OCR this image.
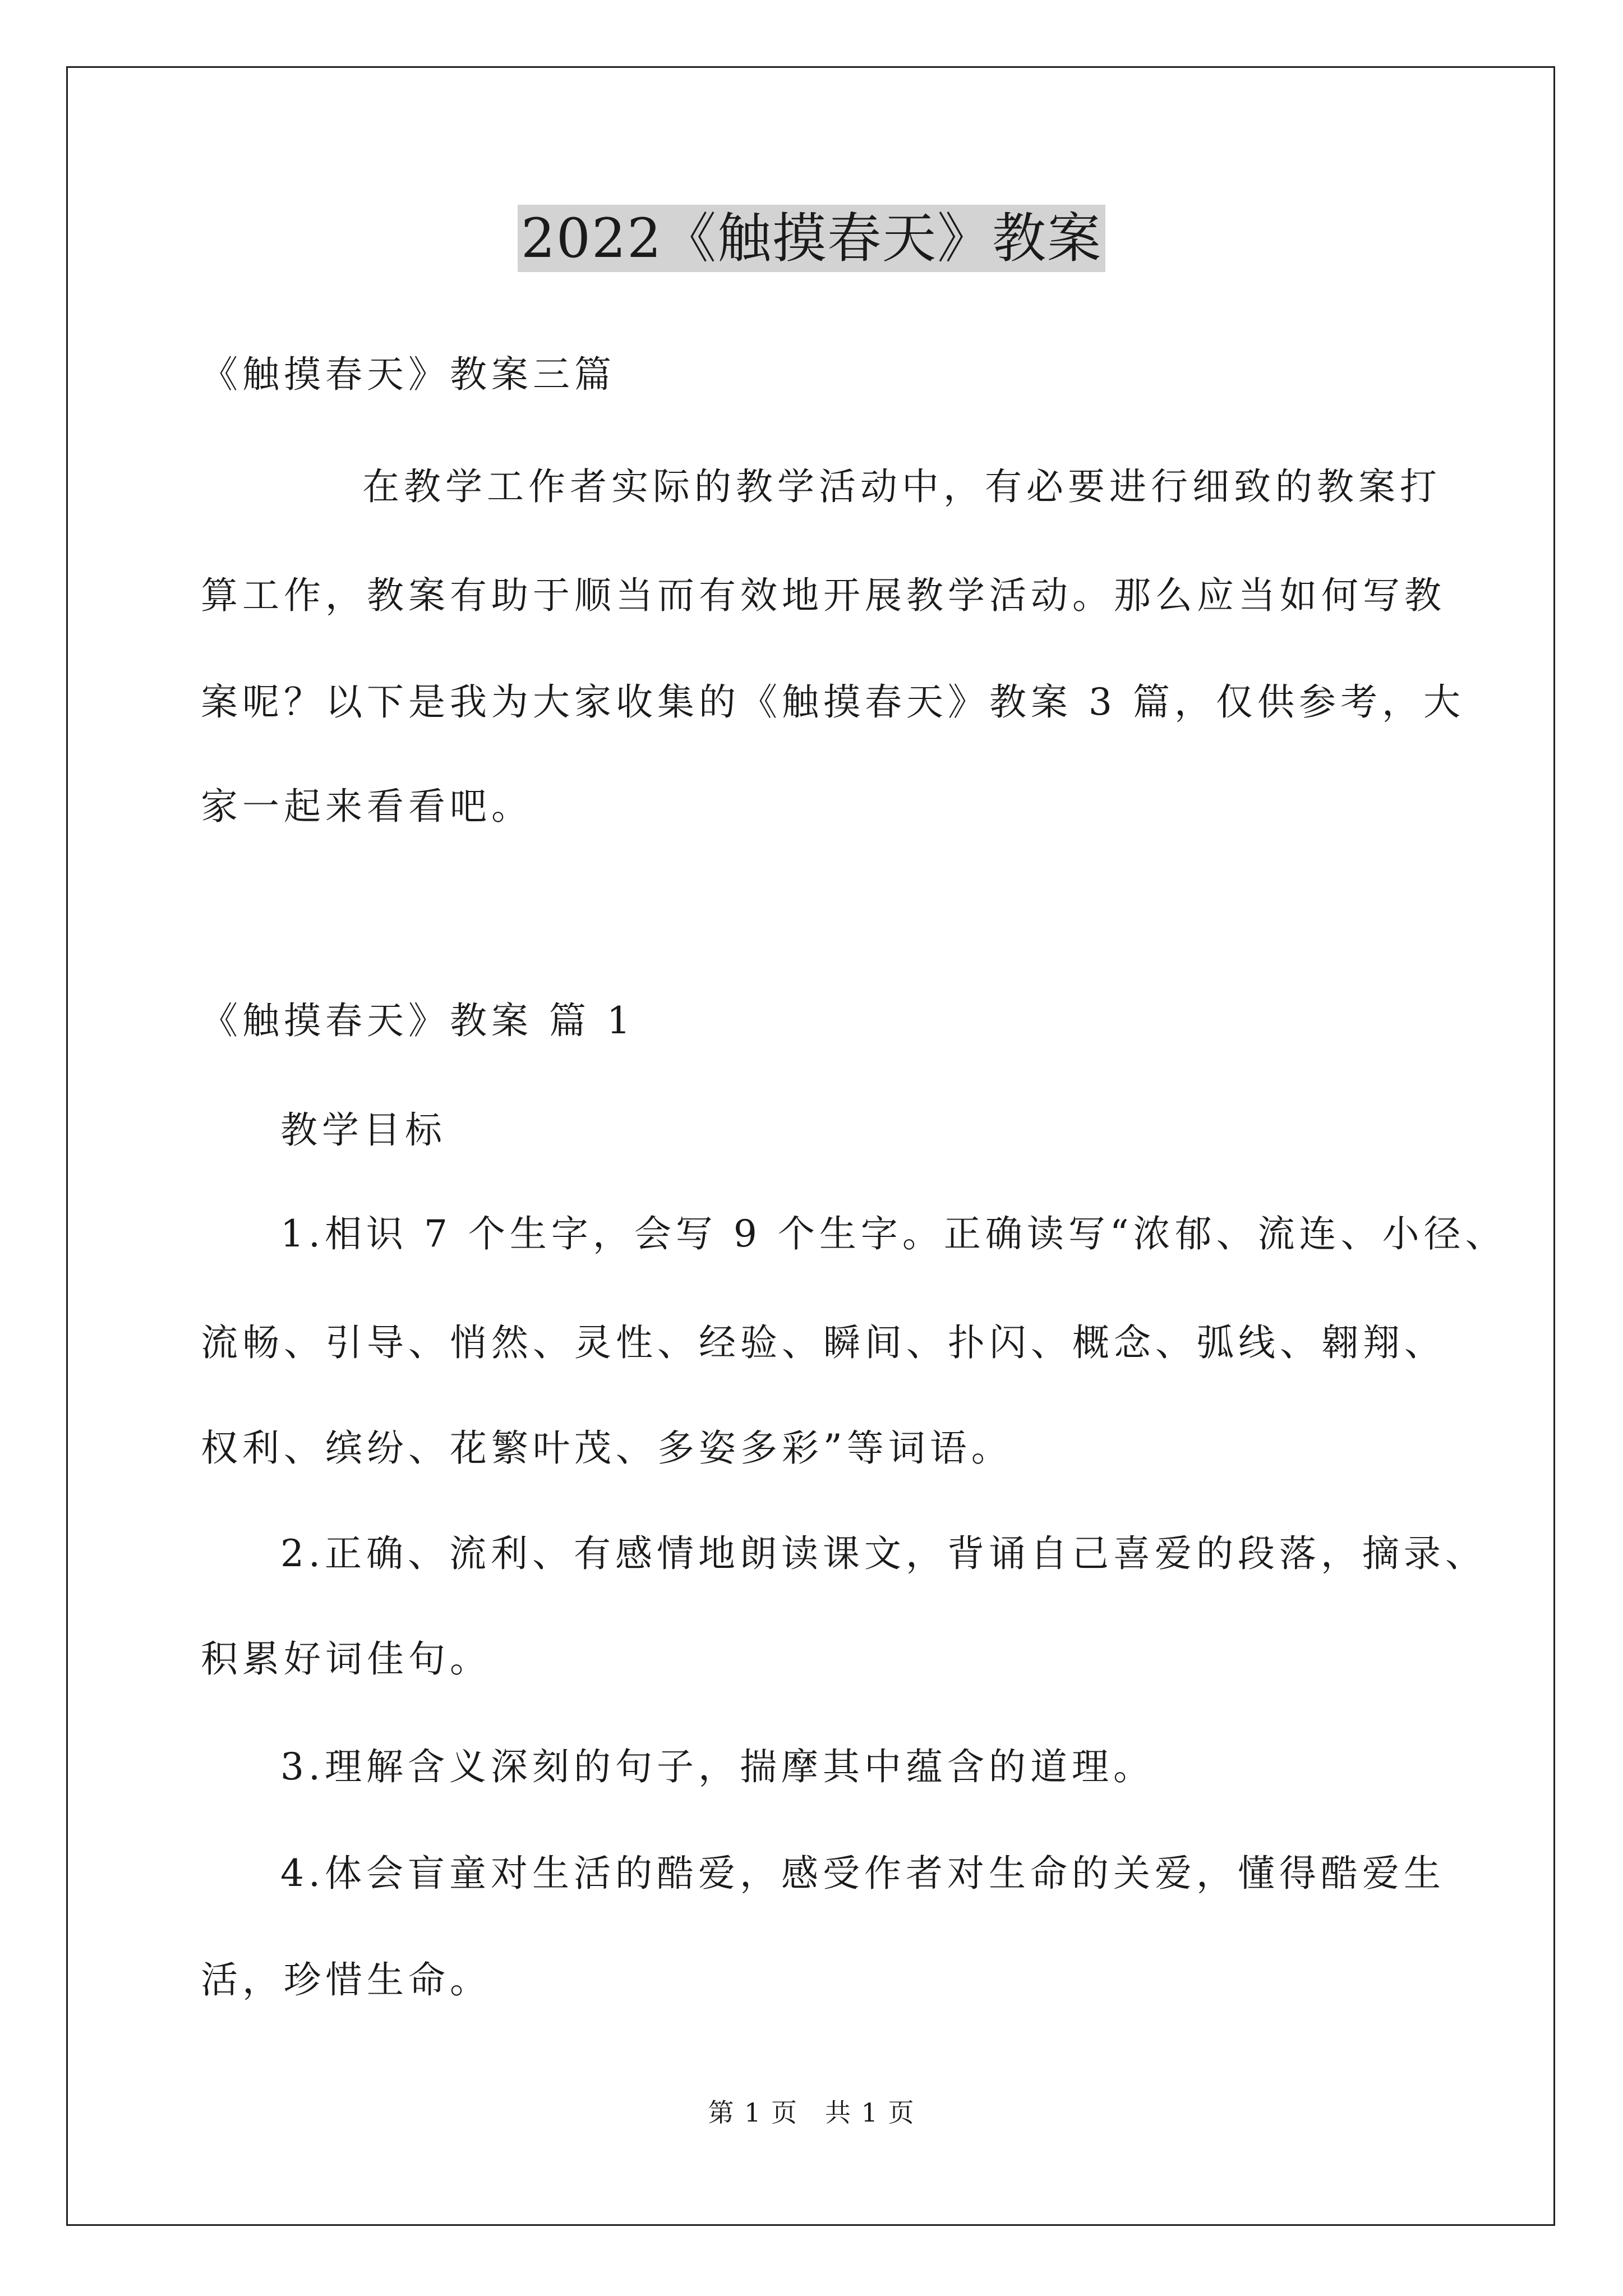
2022《触摸春天》教案
《触摸春天》教案三篇
在教学工作者实际的教学活动中，有必要进行细致的教案打
算工作，教案有助于顺当而有效地开展教学活动。那么应当如何写教
案呢？以下是我为大家收集的《触摸春天》教案 3 篇，仅供参考，大
家一起来看看吧。
《触摸春天》教案 篇 1
教学目标
1.相识 7 个生字，会写 9 个生字。正确读写“浓郁、流连、小径、
流畅、引导、悄然、灵性、经验、瞬间、扑闪、概念、弧线、翱翔、
权利、缤纷、花繁叶茂、多姿多彩”等词语。
2.正确、流利、有感情地朗读课文，背诵自己喜爱的段落，摘录、
积累好词佳句。
3.理解含义深刻的句子，揣摩其中蕴含的道理。
4.体会盲童对生活的酷爱，感受作者对生命的关爱，懂得酷爱生
活，珍惜生命。
第 1 页　共 1 页
